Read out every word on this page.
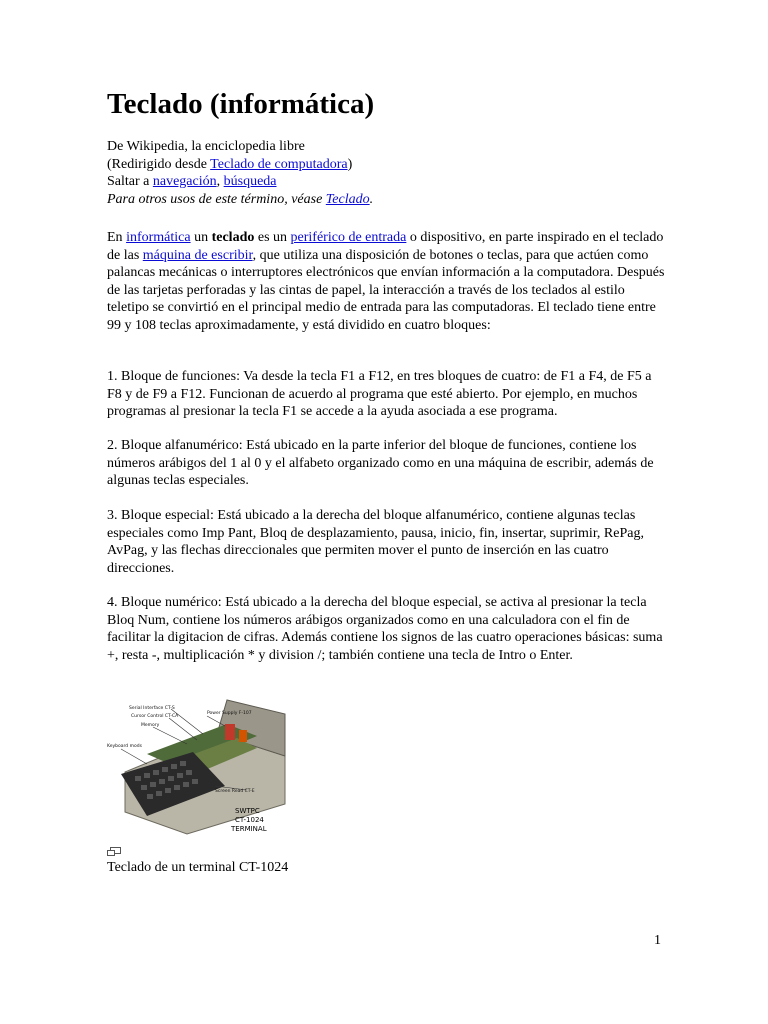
Teclado (informática)
De Wikipedia, la enciclopedia libre
(Redirigido desde Teclado de computadora)
Saltar a navegación, búsqueda
Para otros usos de este término, véase Teclado.

En informática un teclado es un periférico de entrada o dispositivo, en parte inspirado en el teclado de las máquina de escribir, que utiliza una disposición de botones o teclas, para que actúen como palancas mecánicas o interruptores electrónicos que envían información a la computadora. Después de las tarjetas perforadas y las cintas de papel, la interacción a través de los teclados al estilo teletipo se convirtió en el principal medio de entrada para las computadoras. El teclado tiene entre 99 y 108 teclas aproximadamente, y está dividido en cuatro bloques:

1. Bloque de funciones: Va desde la tecla F1 a F12, en tres bloques de cuatro: de F1 a F4, de F5 a F8 y de F9 a F12. Funcionan de acuerdo al programa que esté abierto. Por ejemplo, en muchos programas al presionar la tecla F1 se accede a la ayuda asociada a ese programa.

2. Bloque alfanumérico: Está ubicado en la parte inferior del bloque de funciones, contiene los números arábigos del 1 al 0 y el alfabeto organizado como en una máquina de escribir, además de algunas teclas especiales.

3. Bloque especial: Está ubicado a la derecha del bloque alfanumérico, contiene algunas teclas especiales como Imp Pant, Bloq de desplazamiento, pausa, inicio, fin, insertar, suprimir, RePag, AvPag, y las flechas direccionales que permiten mover el punto de inserción en las cuatro direcciones.

4. Bloque numérico: Está ubicado a la derecha del bloque especial, se activa al presionar la tecla Bloq Num, contiene los números arábigos organizados como en una calculadora con el fin de facilitar la digitacion de cifras. Además contiene los signos de las cuatro operaciones básicas: suma +, resta -, multiplicación * y division /; también contiene una tecla de Intro o Enter.

Serial Interface CT-S
Cursor Control CT-CA
Memory
Power Supply F-107
Keyboard mods
Screen Read CT-E
SWTPC
CT-1024
TERMINAL
Teclado de un terminal CT-1024
1
